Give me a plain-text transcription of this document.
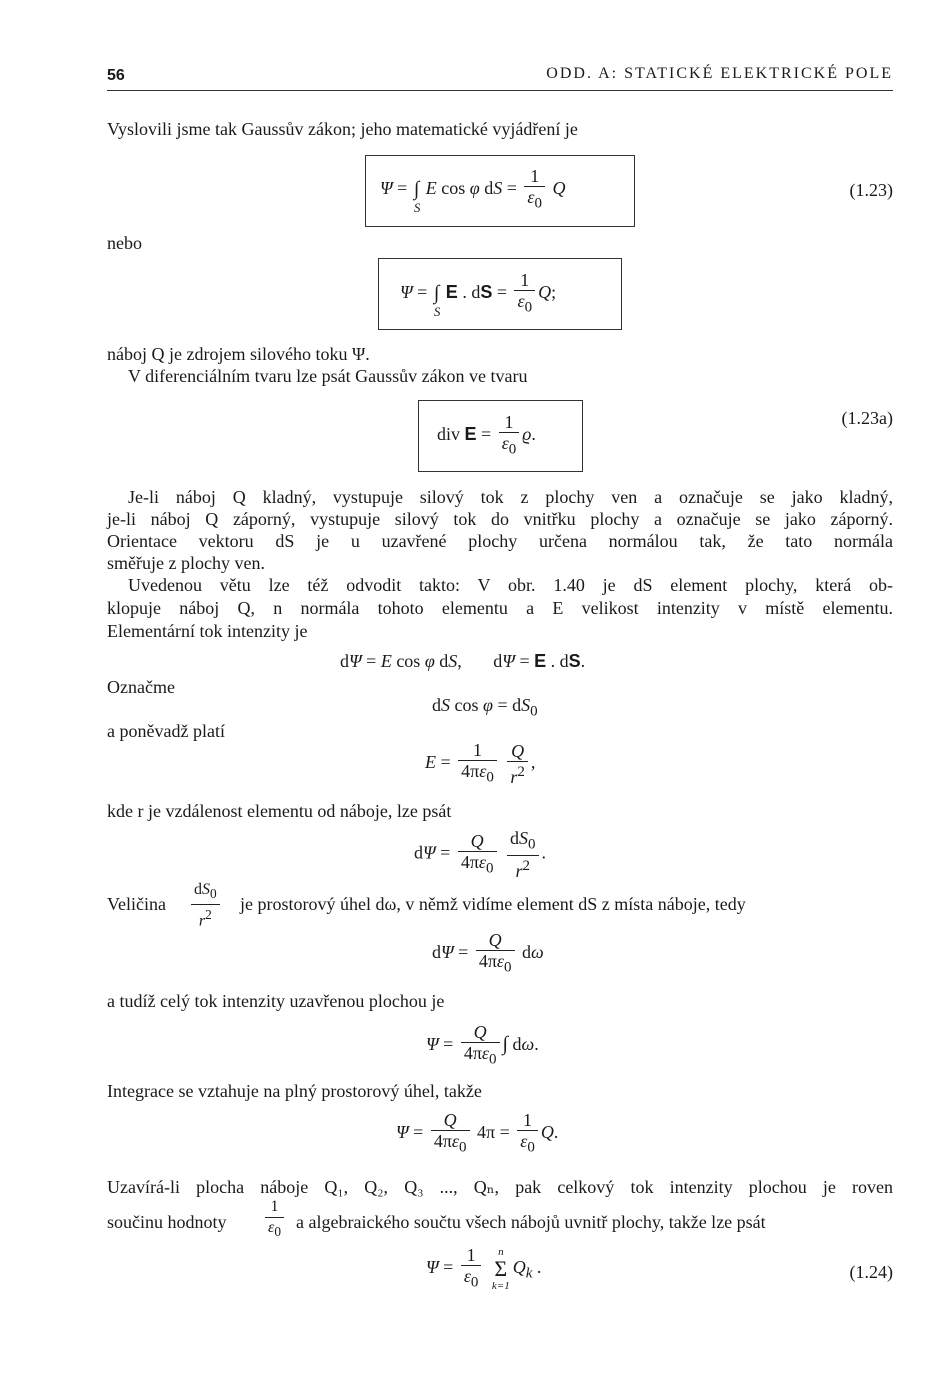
56	ODD. A: STATICKÉ ELEKTRICKÉ POLE
Vyslovili jsme tak Gaussův zákon; jeho matematické vyjádření je
Ψ = ∫
S
E cos φ dS = $\frac{1}{\varepsilon_0}$ Q	(1.23)
nebo
Ψ = ∫
S
E . dS = $\frac{1}{\varepsilon_0} Q$;
náboj Q je zdrojem silového toku Ψ.
V diferenciálním tvaru lze psát Gaussův zákon ve tvaru
div $E = \frac{1}{\varepsilon_0} ϱ$.
(1.23a)
Je-li náboj Q kladný, vystupuje silový tok z plochy ven a označuje se jako kladný,
je-li náboj Q záporný, vystupuje silový tok do vnitřku plochy a označuje se jako záporný.
Orientace vektoru dS je u uzavřené plochy určena normálou tak, že tato normála
směřuje z plochy ven.
Uvedenou větu lze též odvodit takto: V obr. 1.40 je dS element plochy, která ob-
klopuje náboj Q, n normála tohoto elementu a E velikost intenzity v místě elementu.
Elementární tok intenzity je
dΨ = E cos φ dS,       dΨ = E . dS.
Označme
dS $\cos \varphi = dS_0$
a poněvadž platí
$E = \frac{1}{4\pi\varepsilon_0}$
$\frac{Q}{r^2}$ ,
kde r je vzdálenost elementu od náboje, lze psát
$d\Psi = \frac{Q}{4\pi\varepsilon_0}$
$\frac{dS_0}{r^2}$ .
Veličina $\frac{dS_0}{r^2}$ je prostorový úhel dω, v němž vidíme element dS z místa náboje, tedy
$d\Psi = \frac{Q}{4\pi\varepsilon_0}$ dω
a tudíž celý tok intenzity uzavřenou plochou je
$\Psi = \frac{Q}{4\pi\varepsilon_0}$ ∫ dω.
Integrace se vztahuje na plný prostorový úhel, takže
$\Psi = \frac{Q}{4\pi\varepsilon_0} 4\pi = \frac{1}{\varepsilon_0} Q$.
Uzavírá-li plocha náboje Q₁, Q₂, Q₃ ..., Qₙ, pak celkový tok intenzity plochou je roven
součinu hodnoty $\frac{1}{\varepsilon_0}$ a algebraického součtu všech nábojů uvnitř plochy, takže lze psát
$\Psi = \frac{1}{\varepsilon_0}$
	n
Σ
k=1
$Q_k$ .	(1.24)
